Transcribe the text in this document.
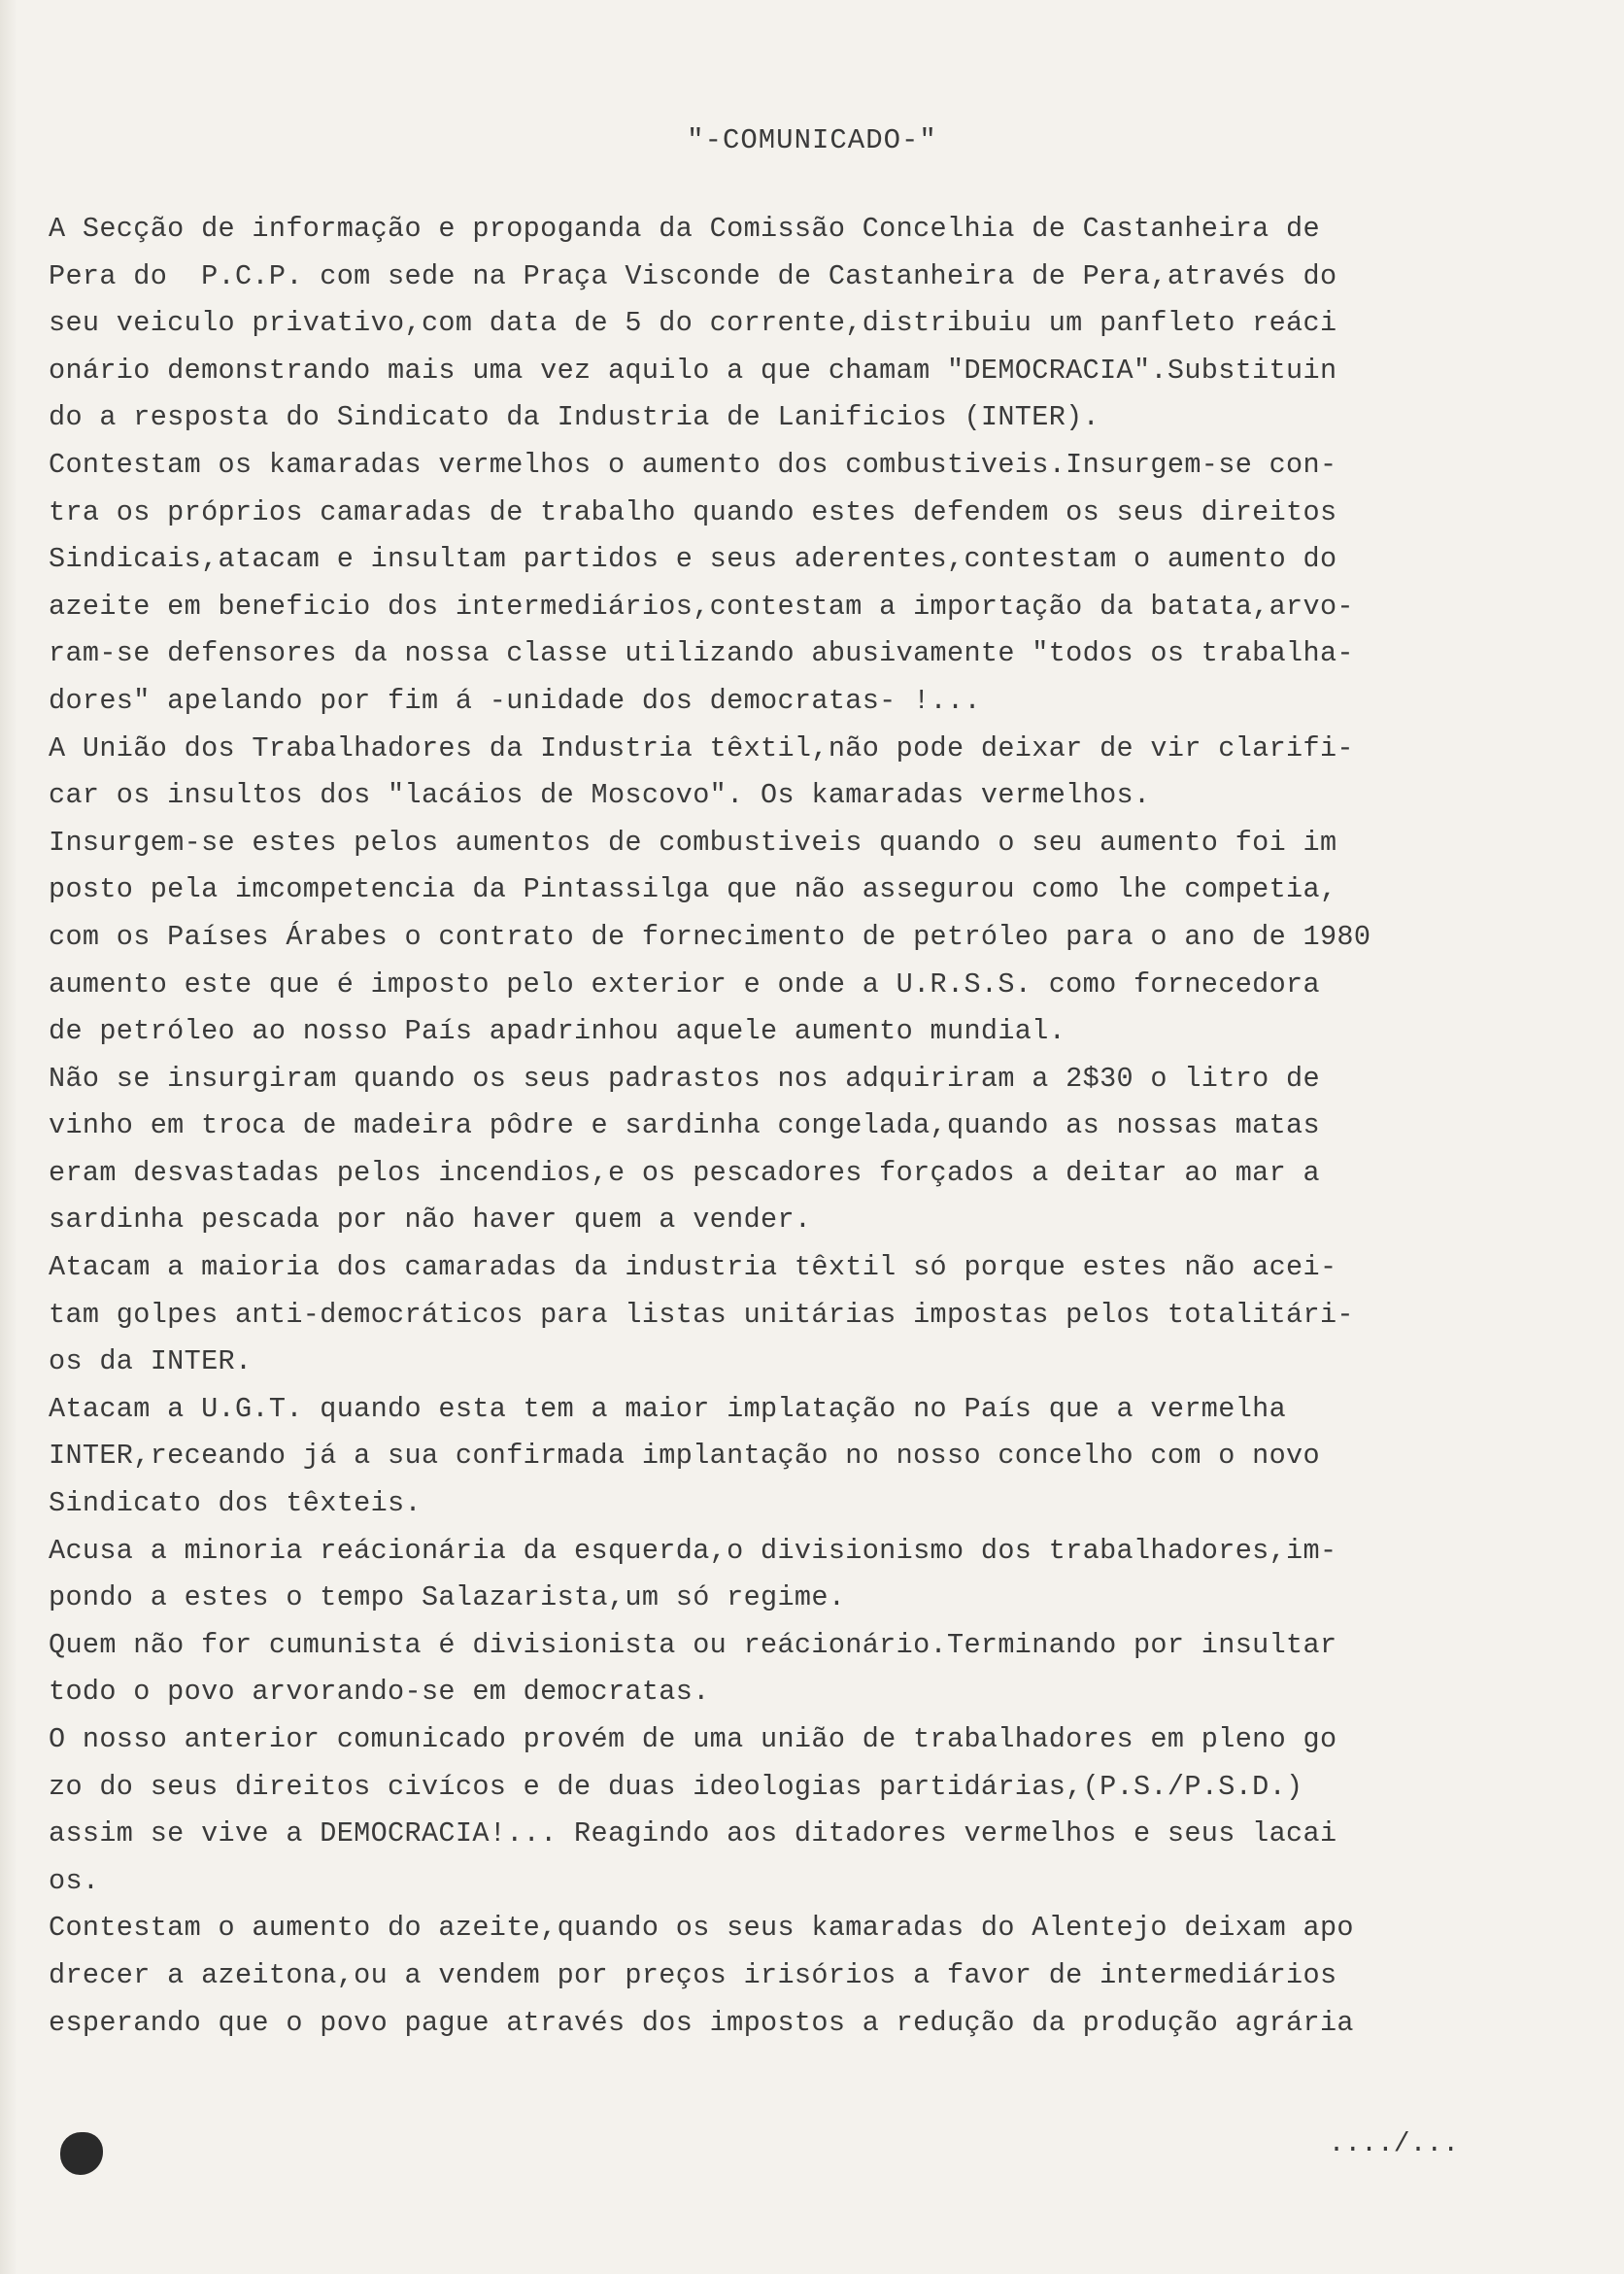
"-COMUNICADO-"
A Secção de informação e propoganda da Comissão Concelhia de Castanheira de
Pera do  P.C.P. com sede na Praça Visconde de Castanheira de Pera,através do
seu veiculo privativo,com data de 5 do corrente,distribuiu um panfleto reáci
onário demonstrando mais uma vez aquilo a que chamam "DEMOCRACIA".Substituin
do a resposta do Sindicato da Industria de Lanificios (INTER).
Contestam os kamaradas vermelhos o aumento dos combustiveis.Insurgem-se con-
tra os próprios camaradas de trabalho quando estes defendem os seus direitos
Sindicais,atacam e insultam partidos e seus aderentes,contestam o aumento do
azeite em beneficio dos intermediários,contestam a importação da batata,arvo-
ram-se defensores da nossa classe utilizando abusivamente "todos os trabalha-
dores" apelando por fim á -unidade dos democratas- !...
A União dos Trabalhadores da Industria têxtil,não pode deixar de vir clarifi-
car os insultos dos "lacáios de Moscovo". Os kamaradas vermelhos.
Insurgem-se estes pelos aumentos de combustiveis quando o seu aumento foi im
posto pela imcompetencia da Pintassilga que não assegurou como lhe competia,
com os Países Árabes o contrato de fornecimento de petróleo para o ano de 1980
aumento este que é imposto pelo exterior e onde a U.R.S.S. como fornecedora
de petróleo ao nosso País apadrinhou aquele aumento mundial.
Não se insurgiram quando os seus padrastos nos adquiriram a 2$30 o litro de
vinho em troca de madeira pôdre e sardinha congelada,quando as nossas matas
eram desvastadas pelos incendios,e os pescadores forçados a deitar ao mar a
sardinha pescada por não haver quem a vender.
Atacam a maioria dos camaradas da industria têxtil só porque estes não acei-
tam golpes anti-democráticos para listas unitárias impostas pelos totalitári-
os da INTER.
Atacam a U.G.T. quando esta tem a maior implatação no País que a vermelha
INTER,receando já a sua confirmada implantação no nosso concelho com o novo
Sindicato dos têxteis.
Acusa a minoria reácionária da esquerda,o divisionismo dos trabalhadores,im-
pondo a estes o tempo Salazarista,um só regime.
Quem não for cumunista é divisionista ou reácionário.Terminando por insultar
todo o povo arvorando-se em democratas.
O nosso anterior comunicado provém de uma união de trabalhadores em pleno go
zo do seus direitos civícos e de duas ideologias partidárias,(P.S./P.S.D.)
assim se vive a DEMOCRACIA!... Reagindo aos ditadores vermelhos e seus lacai
os.
Contestam o aumento do azeite,quando os seus kamaradas do Alentejo deixam apo
drecer a azeitona,ou a vendem por preços irisórios a favor de intermediários
esperando que o povo pague através dos impostos a redução da produção agrária
..../...
